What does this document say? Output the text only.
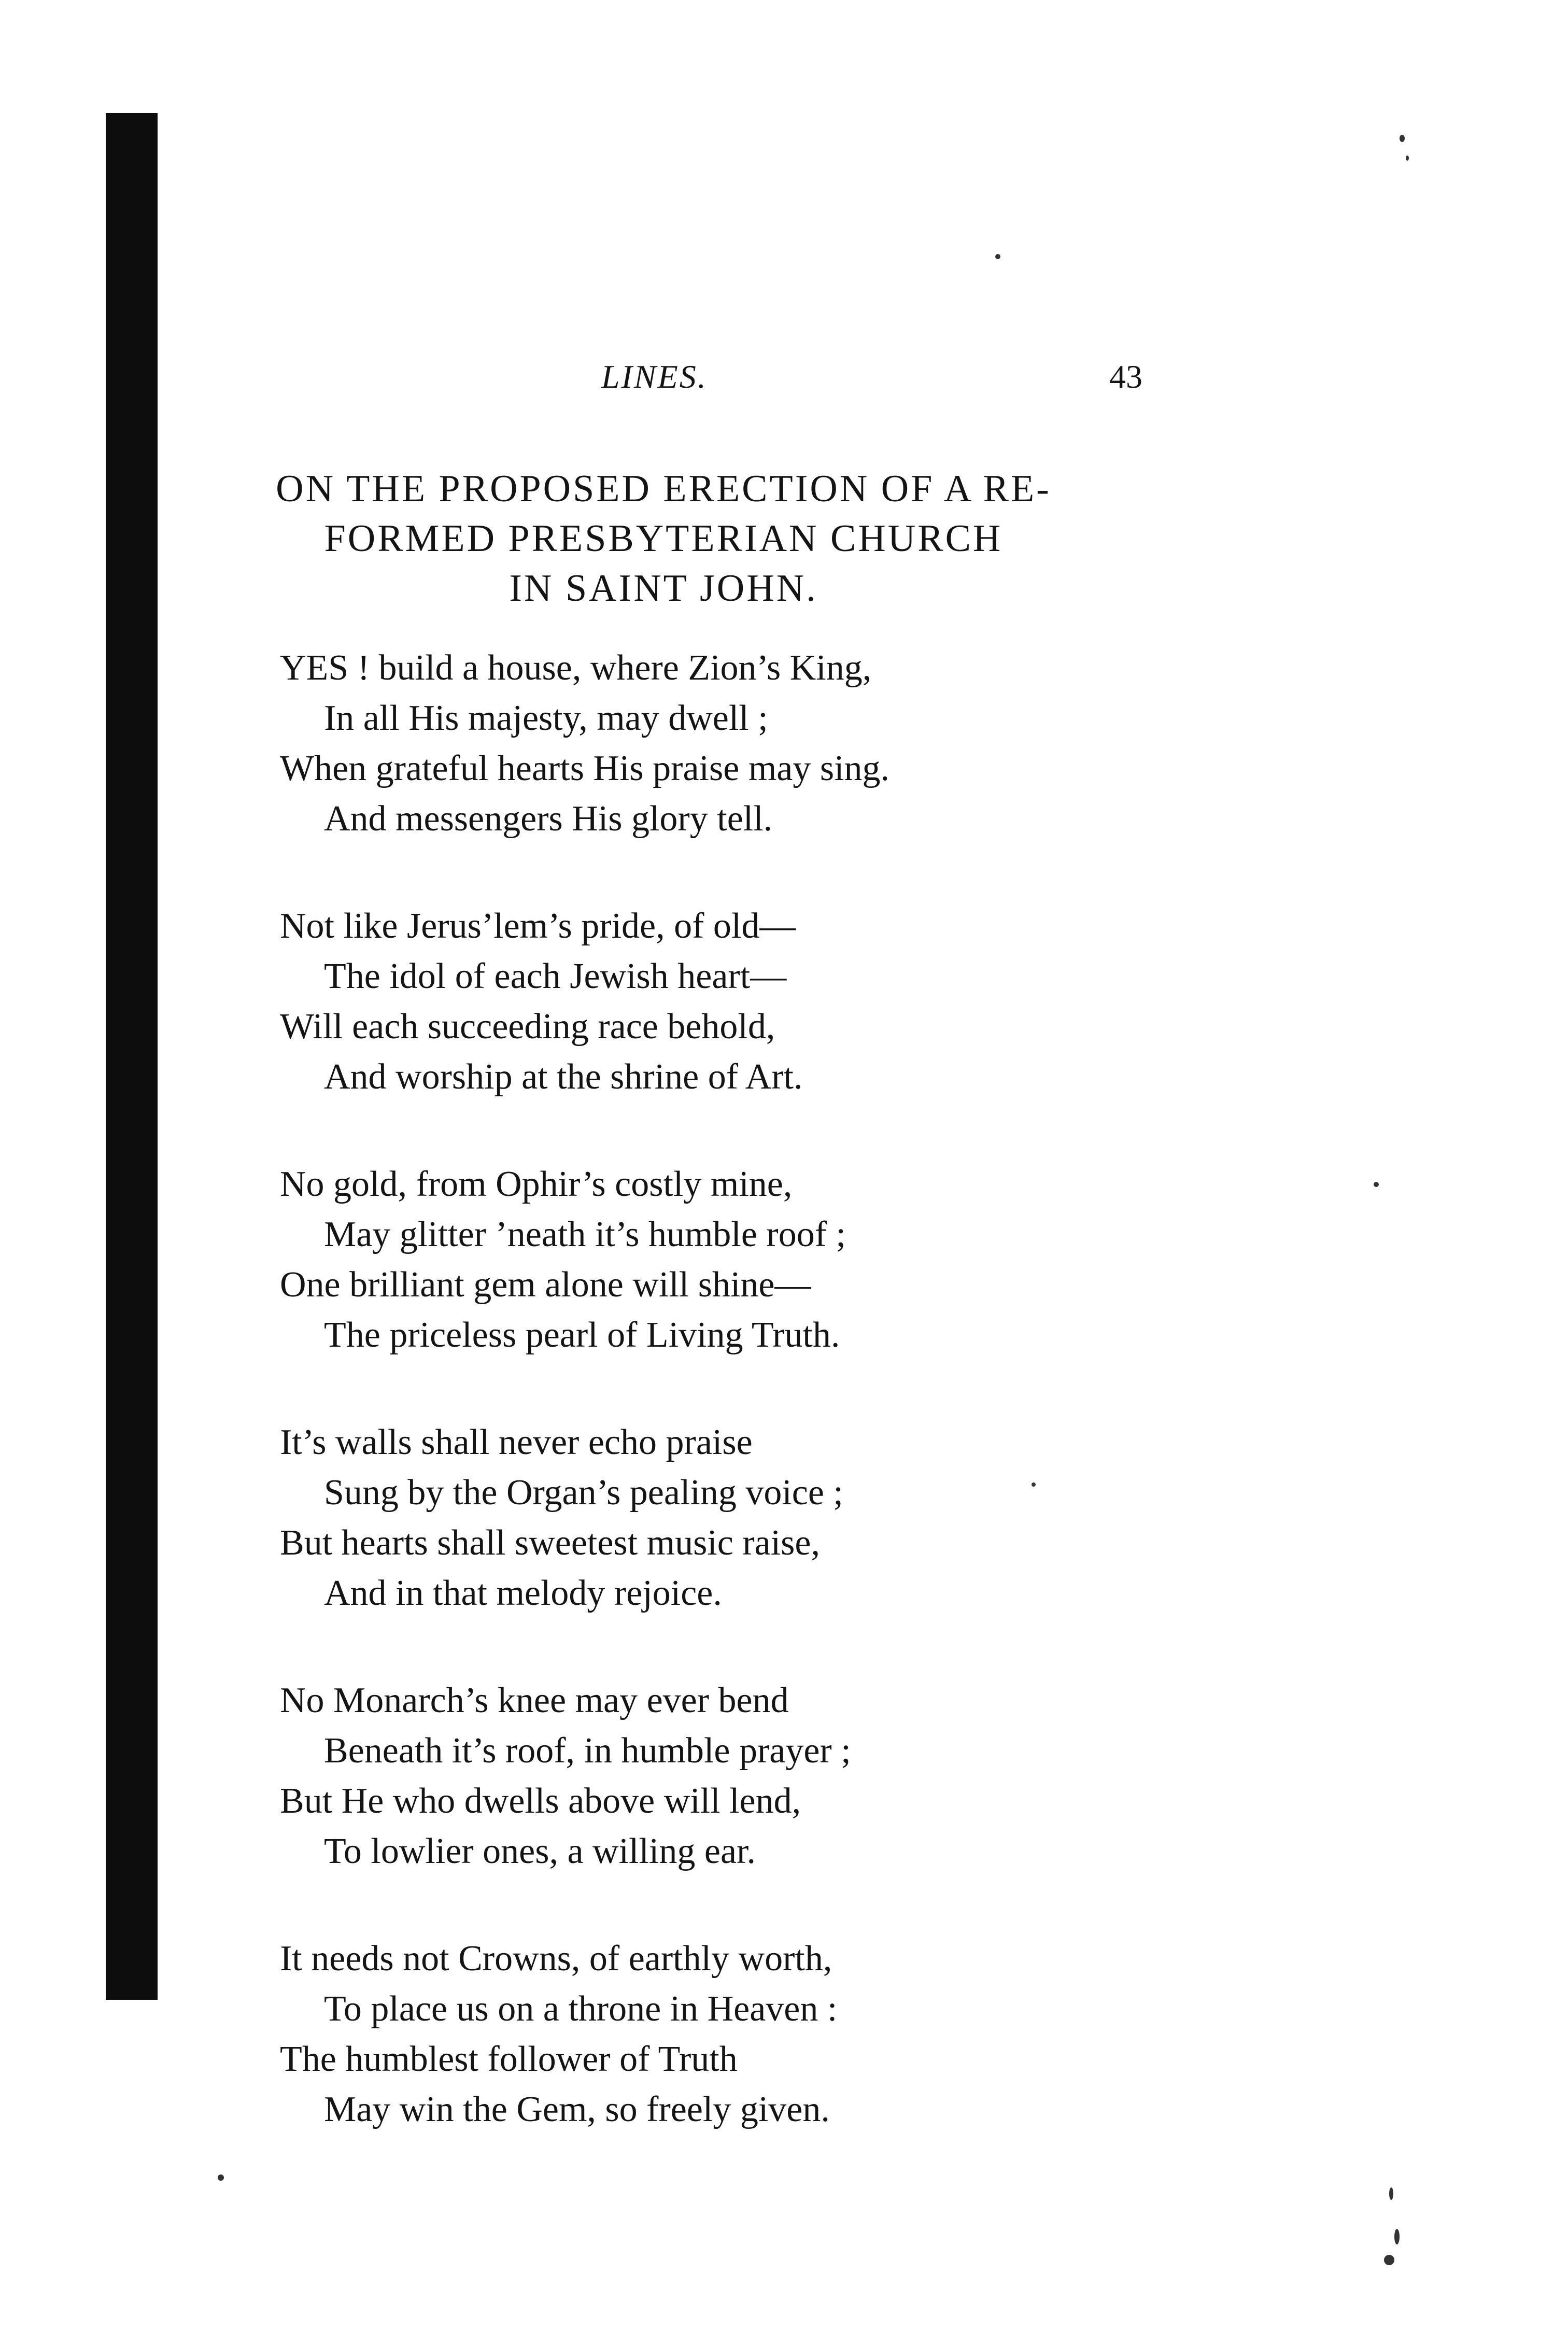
LINES.	43
ON THE PROPOSED ERECTION OF A RE-
FORMED PRESBYTERIAN CHURCH
IN SAINT JOHN.
YES ! build a house, where Zion’s King,
In all His majesty, may dwell ;
When grateful hearts His praise may sing.
And messengers His glory tell.
Not like Jerus’lem’s pride, of old—
The idol of each Jewish heart—
Will each succeeding race behold,
And worship at the shrine of Art.
No gold, from Ophir’s costly mine,
May glitter ’neath it’s humble roof ;
One brilliant gem alone will shine—
The priceless pearl of Living Truth.
It’s walls shall never echo praise
Sung by the Organ’s pealing voice ;
But hearts shall sweetest music raise,
And in that melody rejoice.
No Monarch’s knee may ever bend
Beneath it’s roof, in humble prayer ;
But He who dwells above will lend,
To lowlier ones, a willing ear.
It needs not Crowns, of earthly worth,
To place us on a throne in Heaven :
The humblest follower of Truth
May win the Gem, so freely given.
